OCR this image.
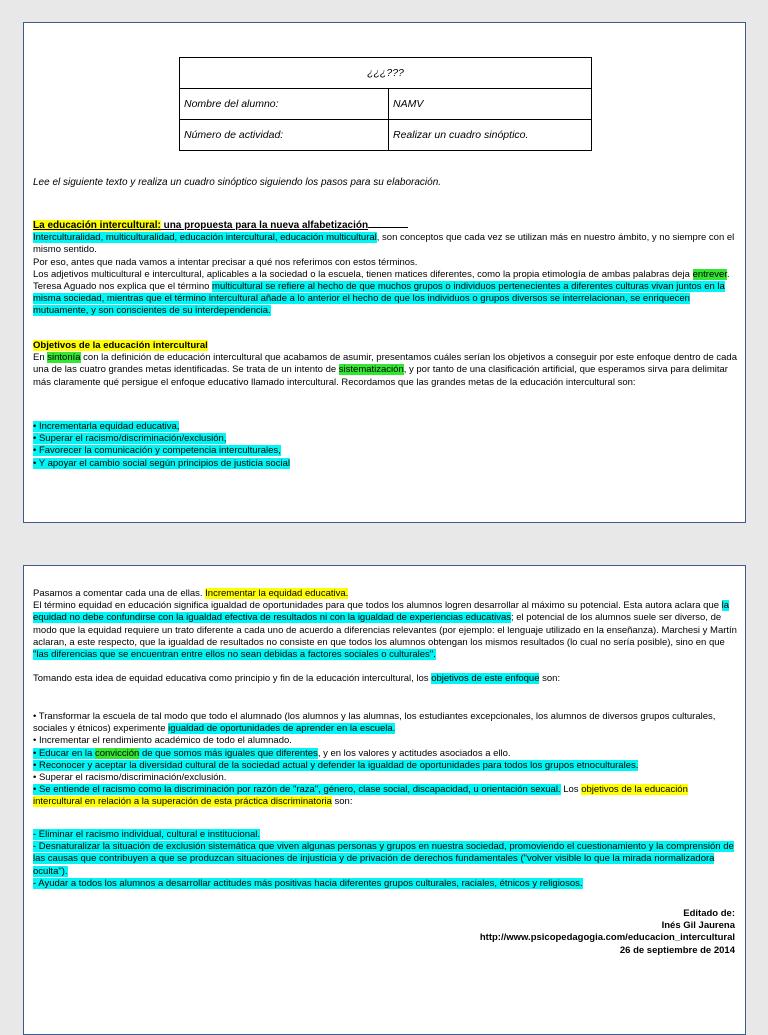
¿¿¿???	
Nombre del alumno:	NAMV
Número de actividad:	Realizar un cuadro sinóptico.
Lee el siguiente texto y realiza un cuadro sinóptico siguiendo los pasos para su elaboración.

La educación intercultural: una propuesta para la nueva alfabetización

Interculturalidad, multiculturalidad, educación intercultural, educación multicultural, son conceptos que cada vez se utilizan más en nuestro ámbito, y no siempre con el mismo sentido.

Por eso, antes que nada vamos a intentar precisar a qué nos referimos con estos términos.

Los adjetivos multicultural e intercultural, aplicables a la sociedad o la escuela, tienen matices diferentes, como la propia etimología de ambas palabras deja entrever. Teresa Aguado nos explica que el término multicultural se refiere al hecho de que muchos grupos o individuos pertenecientes a diferentes culturas vivan juntos en la misma sociedad, mientras que el término intercultural añade a lo anterior el hecho de que los individuos o grupos diversos se interrelacionan, se enriquecen mutuamente, y son conscientes de su interdependencia.

Objetivos de la educación intercultural

En sintonía con la definición de educación intercultural que acabamos de asumir, presentamos cuáles serían los objetivos a conseguir por este enfoque dentro de cada una de las cuatro grandes metas identificadas. Se trata de un intento de sistematización, y por tanto de una clasificación artificial, que esperamos sirva para delimitar más claramente qué persigue el enfoque educativo llamado intercultural. Recordamos que las grandes metas de la educación intercultural son:

• Incrementarla equidad educativa,

• Superar el racismo/discriminación/exclusión,

• Favorecer la comunicación y competencia interculturales,

• Y apoyar el cambio social según principios de justicia social

Pasamos a comentar cada una de ellas. Incrementar la equidad educativa.

El término equidad en educación significa igualdad de oportunidades para que todos los alumnos logren desarrollar al máximo su potencial. Esta autora aclara que la equidad no debe confundirse con la igualdad efectiva de resultados ni con la igualdad de experiencias educativas; el potencial de los alumnos suele ser diverso, de modo que la equidad requiere un trato diferente a cada uno de acuerdo a diferencias relevantes (por ejemplo: el lenguaje utilizado en la enseñanza). Marchesi y Martín aclaran, a este respecto, que la igualdad de resultados no consiste en que todos los alumnos obtengan los mismos resultados (lo cual no sería posible), sino en que "las diferencias que se encuentran entre ellos no sean debidas a factores sociales o culturales".

Tomando esta idea de equidad educativa como principio y fin de la educación intercultural, los objetivos de este enfoque son:

• Transformar la escuela de tal modo que todo el alumnado (los alumnos y las alumnas, los estudiantes excepcionales, los alumnos de diversos grupos culturales, sociales y étnicos) experimente igualdad de oportunidades de aprender en la escuela.

• Incrementar el rendimiento académico de todo el alumnado.

• Educar en la convicción de que somos más iguales que diferentes, y en los valores y actitudes asociados a ello.

• Reconocer y aceptar la diversidad cultural de la sociedad actual y defender la igualdad de oportunidades para todos los grupos etnoculturales.

• Superar el racismo/discriminación/exclusión.

• Se entiende el racismo como la discriminación por razón de "raza", género, clase social, discapacidad, u orientación sexual. Los objetivos de la educación intercultural en relación a la superación de esta práctica discriminatoria son:

- Eliminar el racismo individual, cultural e institucional.

- Desnaturalizar la situación de exclusión sistemática que viven algunas personas y grupos en nuestra sociedad, promoviendo el cuestionamiento y la comprensión de las causas que contribuyen a que se produzcan situaciones de injusticia y de privación de derechos fundamentales ("volver visible lo que la mirada normalizadora oculta").

- Ayudar a todos los alumnos a desarrollar actitudes más positivas hacia diferentes grupos culturales, raciales, étnicos y religiosos.

Editado de:

Inés Gil Jaurena

http://www.psicopedagogia.com/educacion_intercultural

26 de septiembre de 2014
